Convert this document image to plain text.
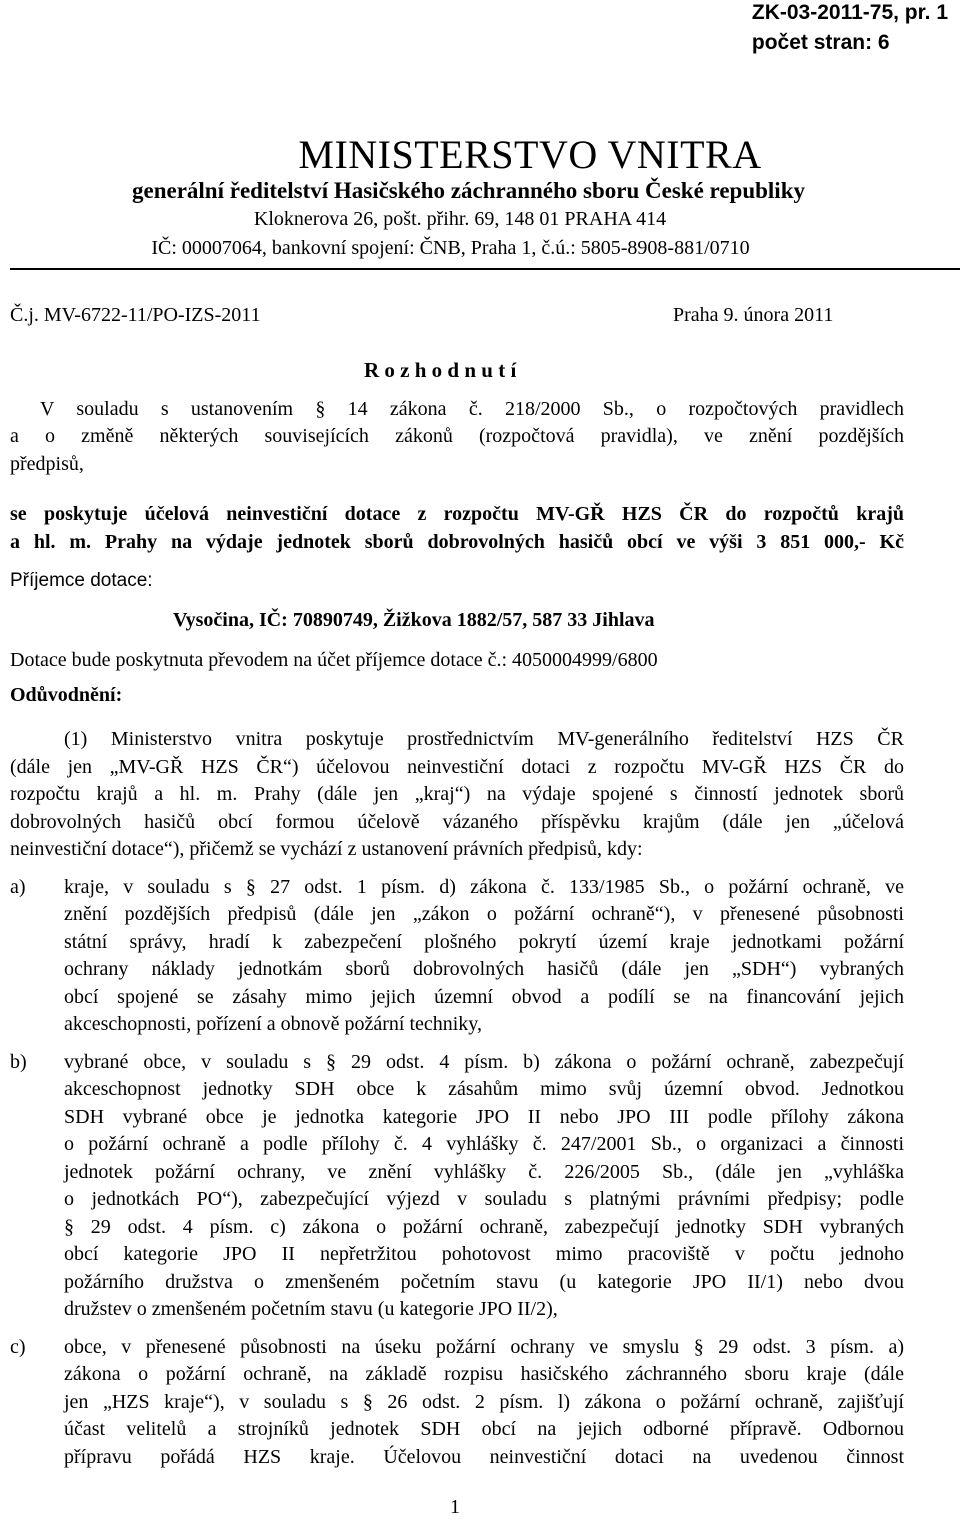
ZK-03-2011-75, pr. 1
počet stran: 6
MINISTERSTVO VNITRA
generální ředitelství Hasičského záchranného sboru České republiky
Kloknerova 26, pošt. přihr. 69, 148 01 PRAHA 414
IČ: 00007064, bankovní spojení: ČNB, Praha 1, č.ú.: 5805-8908-881/0710
Č.j. MV-6722-11/PO-IZS-2011	Praha 9. února 2011
R o z h o d n u t í
V souladu s ustanovením § 14 zákona č. 218/2000 Sb., o rozpočtových pravidlech
a o změně některých souvisejících zákonů (rozpočtová pravidla), ve znění pozdějších
předpisů,
se poskytuje účelová neinvestiční dotace z rozpočtu MV-GŘ HZS ČR do rozpočtů krajů
a hl. m. Prahy na výdaje jednotek sborů dobrovolných hasičů obcí ve výši 3 851 000,- Kč
Příjemce dotace:
Vysočina, IČ: 70890749, Žižkova 1882/57, 587 33 Jihlava
Dotace bude poskytnuta převodem na účet příjemce dotace č.: 4050004999/6800
Odůvodnění:
(1) Ministerstvo vnitra poskytuje prostřednictvím MV-generálního ředitelství HZS ČR
(dále jen „MV-GŘ HZS ČR“) účelovou neinvestiční dotaci z rozpočtu MV-GŘ HZS ČR do
rozpočtu krajů a hl. m. Prahy (dále jen „kraj“) na výdaje spojené s činností jednotek sborů
dobrovolných hasičů obcí formou účelově vázaného příspěvku krajům (dále jen „účelová
neinvestiční dotace“), přičemž se vychází z ustanovení právních předpisů, kdy:
a) kraje, v souladu s § 27 odst. 1 písm. d) zákona č. 133/1985 Sb., o požární ochraně, ve
znění pozdějších předpisů (dále jen „zákon o požární ochraně“), v přenesené působnosti
státní správy, hradí k zabezpečení plošného pokrytí území kraje jednotkami požární
ochrany náklady jednotkám sborů dobrovolných hasičů (dále jen „SDH“) vybraných
obcí spojené se zásahy mimo jejich územní obvod a podílí se na financování jejich
akceschopnosti, pořízení a obnově požární techniky,
b) vybrané obce, v souladu s § 29 odst. 4 písm. b) zákona o požární ochraně, zabezpečují
akceschopnost jednotky SDH obce k zásahům mimo svůj územní obvod. Jednotkou
SDH vybrané obce je jednotka kategorie JPO II nebo JPO III podle přílohy zákona
o požární ochraně a podle přílohy č. 4 vyhlášky č. 247/2001 Sb., o organizaci a činnosti
jednotek požární ochrany, ve znění vyhlášky č. 226/2005 Sb., (dále jen „vyhláška
o jednotkách PO“), zabezpečující výjezd v souladu s platnými právními předpisy; podle
§ 29 odst. 4 písm. c) zákona o požární ochraně, zabezpečují jednotky SDH vybraných
obcí kategorie JPO II nepřetržitou pohotovost mimo pracoviště v počtu jednoho
požárního družstva o zmenšeném početním stavu (u kategorie JPO II/1) nebo dvou
družstev o zmenšeném početním stavu (u kategorie JPO II/2),
c) obce, v přenesené působnosti na úseku požární ochrany ve smyslu § 29 odst. 3 písm. a)
zákona o požární ochraně, na základě rozpisu hasičského záchranného sboru kraje (dále
jen „HZS kraje“), v souladu s § 26 odst. 2 písm. l) zákona o požární ochraně, zajišťují
účast velitelů a strojníků jednotek SDH obcí na jejich odborné přípravě. Odbornou
přípravu pořádá HZS kraje. Účelovou neinvestiční dotaci na uvedenou činnost
1
